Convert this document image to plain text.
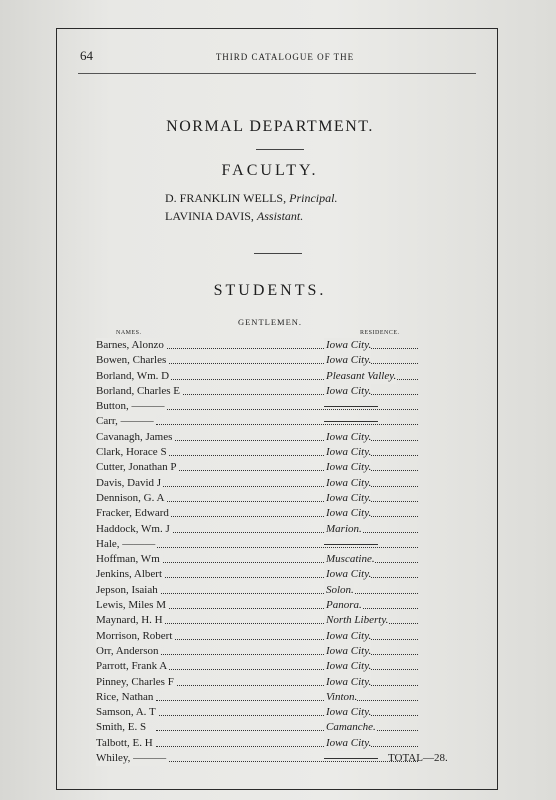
64	THIRD CATALOGUE OF THE
NORMAL DEPARTMENT.
FACULTY.
D. FRANKLIN WELLS, Principal.
LAVINIA DAVIS, Assistant.
STUDENTS.
GENTLEMEN.
NAMES.	RESIDENCE.
Barnes, Alonzo	Iowa City.
Bowen, Charles	Iowa City.
Borland, Wm. D	Pleasant Valley.
Borland, Charles E	Iowa City.
Button, ———
Carr, ———
Cavanagh, James	Iowa City.
Clark, Horace S	Iowa City.
Cutter, Jonathan P	Iowa City.
Davis, David J	Iowa City.
Dennison, G. A	Iowa City.
Fracker, Edward	Iowa City.
Haddock, Wm. J	Marion.
Hale, ———
Hoffman, Wm	Muscatine.
Jenkins, Albert	Iowa City.
Jepson, Isaiah	Solon.
Lewis, Miles M	Panora.
Maynard, H. H	North Liberty.
Morrison, Robert	Iowa City.
Orr, Anderson	Iowa City.
Parrott, Frank A	Iowa City.
Pinney, Charles F	Iowa City.
Rice, Nathan	Vinton.
Samson, A. T	Iowa City.
Smith, E. S	Camanche.
Talbott, E. H	Iowa City.
Whiley, ———	TOTAL—28.
